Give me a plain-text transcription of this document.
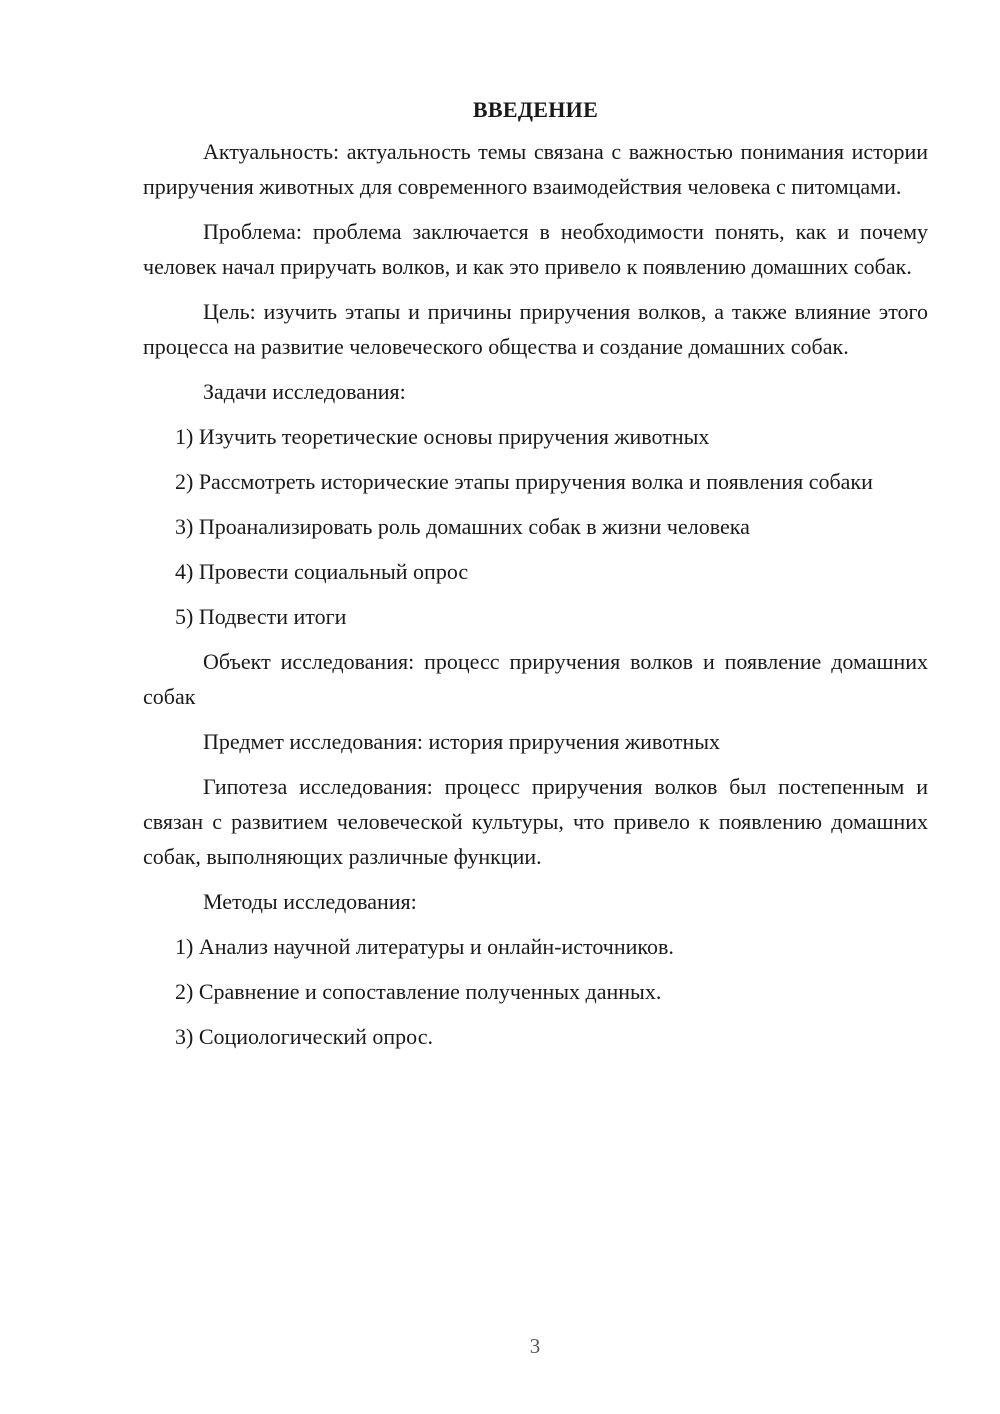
ВВЕДЕНИЕ

Актуальность: актуальность темы связана с важностью понимания истории приручения животных для современного взаимодействия человека с питомцами.

Проблема: проблема заключается в необходимости понять, как и почему человек начал приручать волков, и как это привело к появлению домашних собак.

Цель: изучить этапы и причины приручения волков, а также влияние этого процесса на развитие человеческого общества и создание домашних собак.

Задачи исследования:

1) Изучить теоретические основы приручения животных

2) Рассмотреть исторические этапы приручения волка и появления собаки

3) Проанализировать роль домашних собак в жизни человека

4) Провести социальный опрос

5) Подвести итоги

Объект исследования: процесс приручения волков и появление домашних собак

Предмет исследования: история приручения животных

Гипотеза исследования: процесс приручения волков был постепенным и связан с развитием человеческой культуры, что привело к появлению домашних собак, выполняющих различные функции.

Методы исследования:

1) Анализ научной литературы и онлайн-источников.

2) Сравнение и сопоставление полученных данных.

3) Социологический опрос.

3
